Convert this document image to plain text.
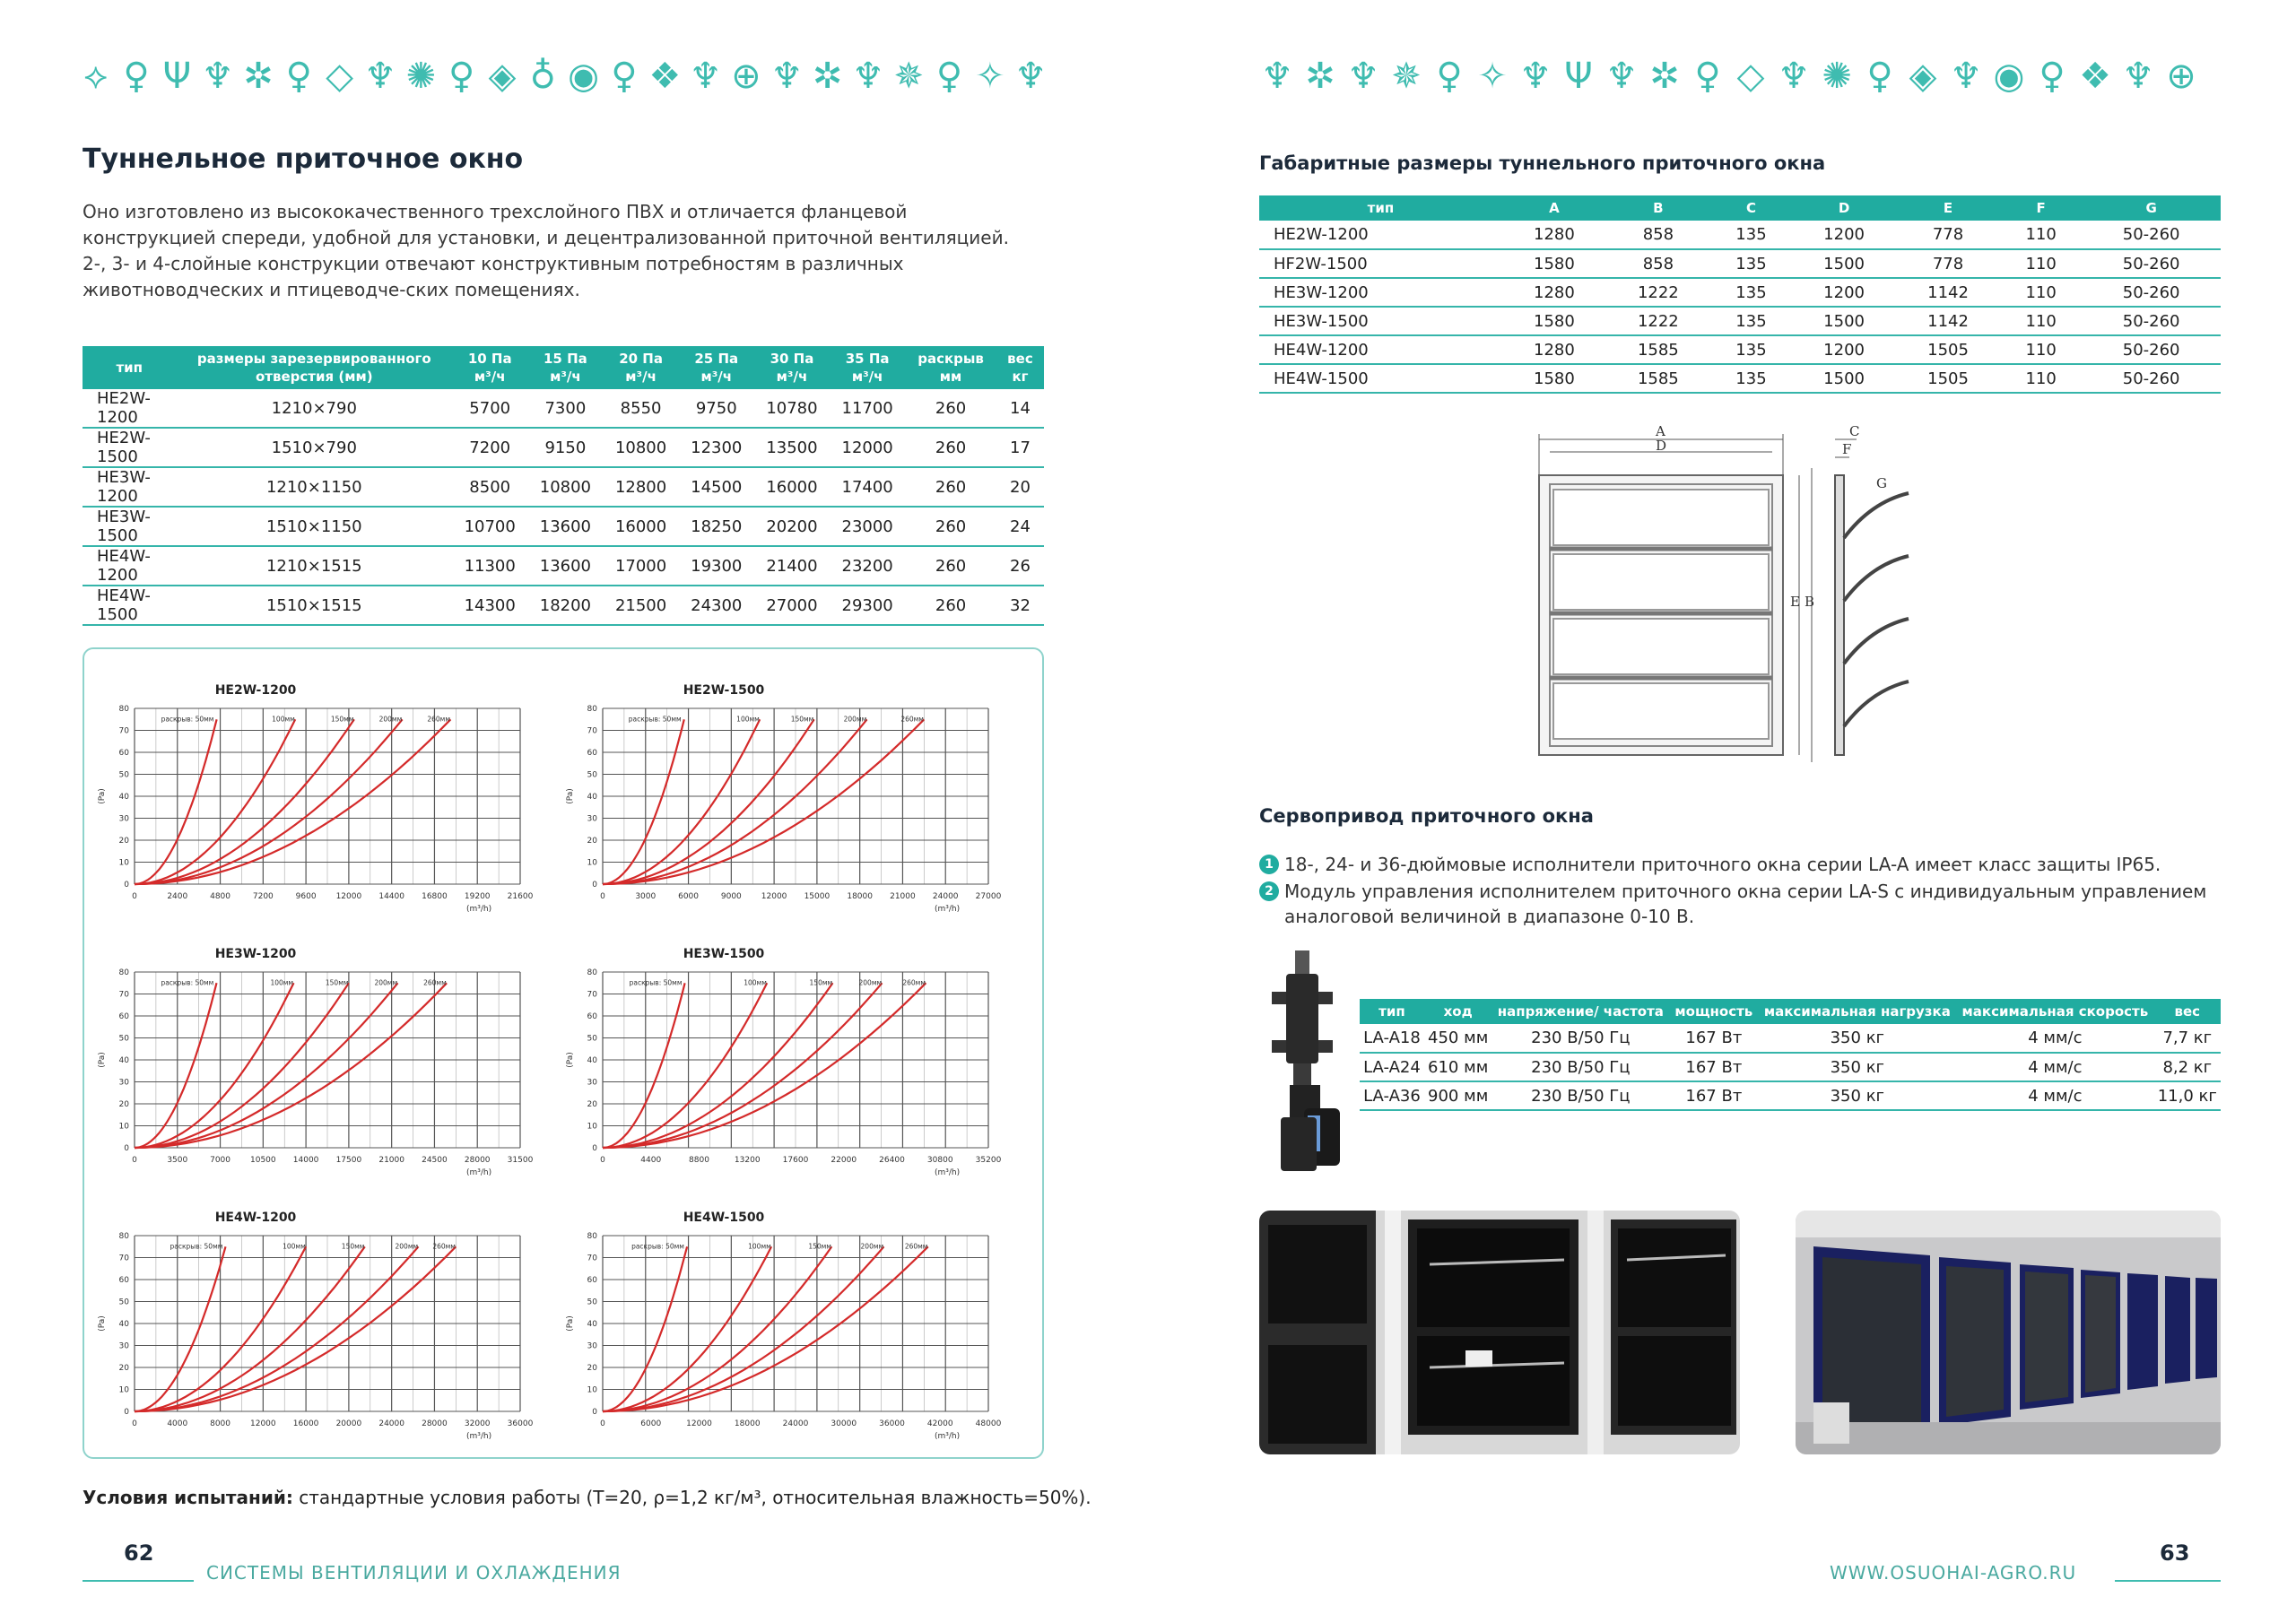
⟡ ♀ Ψ ♆ ✲ ♀ ◇ ♆ ✺ ♀ ◈ ♁ ◉ ♀ ❖ ♆ ⊕ ♆ ✲ ♆ ✵ ♀ ✧ ♆	♆ ✲ ♆ ✵ ♀ ✧ ♆ Ψ ♆ ✲ ♀ ◇ ♆ ✺ ♀ ◈ ♆ ◉ ♀ ❖ ♆ ⊕
Туннельное приточное окно

Оно изготовлено из высококачественного трехслойного ПВХ и отличается фланцевой конструкцией спереди, удобной для установки, и децентрализованной приточной вентиляцией. 2-, 3- и 4-слойные конструкции отвечают конструктивным потребностям в различных животноводческих и птицеводче-ских помещениях.

тип	размеры зарезервированного отверстия (мм)	10 Па м³/ч	15 Па м³/ч	20 Па м³/ч	25 Па м³/ч	30 Па м³/ч	35 Па м³/ч	раскрыв мм	вес кг
HE2W-1200	1210×790	5700	7300	8550	9750	10780	11700	260	14
HE2W-1500	1510×790	7200	9150	10800	12300	13500	12000	260	17
HE3W-1200	1210×1150	8500	10800	12800	14500	16000	17400	260	20
HE3W-1500	1510×1150	10700	13600	16000	18250	20200	23000	260	24
HE4W-1200	1210×1515	11300	13600	17000	19300	21400	23200	260	26
HE4W-1500	1510×1515	14300	18200	21500	24300	27000	29300	260	32
HE2W-1200
0
10
20
30
40
50
60
70
80
0	2400	4800	7200	9600 12000 14400 16800 19200 21600
(Pa)
(m³/h)
раскрыв: 50мм	100мм	150мм	200мм	260мм
HE2W-1500
0
10
20
30
40
50
60
70
80
0	3000	6000	9000 12000 15000 18000 21000 24000 27000
(Pa)
(m³/h)
раскрыв: 50мм	100мм	150мм	200мм	260мм
HE3W-1200
0
10
20
30
40
50
60
70
80
0	3500	7000 10500 14000 17500 21000 24500 28000 31500
(Pa)
(m³/h)
раскрыв: 50мм	100мм	150мм	200мм	260мм
HE3W-1500
0
10
20
30
40
50
60
70
80
0	4400	8800	13200	17600	22000	26400	30800	35200
(Pa)
(m³/h)
раскрыв: 50мм	100мм	150мм	200мм	260мм
HE4W-1200
0
10
20
30
40
50
60
70
80
0	4000	8000 12000 16000 20000 24000 28000 32000 36000
(Pa)
(m³/h)
раскрыв: 50мм	100мм	150мм	200мм 260мм
HE4W-1500
0
10
20
30
40
50
60
70
80
0	6000	12000	18000	24000	30000	36000	42000	48000
(Pa)
(m³/h)
раскрыв: 50мм	100мм	150мм	200мм	260мм
Условия испытаний: стандартные условия работы (Т=20, ρ=1,2 кг/м³, относительная влажность=50%).
62
СИСТЕМЫ ВЕНТИЛЯЦИИ И ОХЛАЖДЕНИЯ
Габаритные размеры туннельного приточного окна
тип	A	B	C	D	E	F	G
HE2W-1200	1280	858	135	1200	778	110	50-260
HF2W-1500	1580	858	135	1500	778	110	50-260
HE3W-1200	1280	1222	135	1200	1142	110	50-260
HE3W-1500	1580	1222	135	1500	1142	110	50-260
HE4W-1200	1280	1585	135	1200	1505	110	50-260
HE4W-1500	1580	1585	135	1500	1505	110	50-260
A
D
C
F
G
E B
Сервопривод приточного окна
1 18-, 24- и 36-дюймовые исполнители приточного окна серии LA-A имеет класс защиты IP65.
2 Модуль управления исполнителем приточного окна серии LA-S с индивидуальным управлением аналоговой величиной в диапазоне 0-10 В.
тип	ход	напряжение/ частота	мощность	максимальная нагрузка	максимальная скорость	вес
LA-A18	450 мм	230 В/50 Гц	167 Вт	350 кг	4 мм/с	7,7 кг
LA-A24	610 мм	230 В/50 Гц	167 Вт	350 кг	4 мм/с	8,2 кг
LA-A36	900 мм	230 В/50 Гц	167 Вт	350 кг	4 мм/с	11,0 кг
WWW.OSUOHAI-AGRO.RU
63
